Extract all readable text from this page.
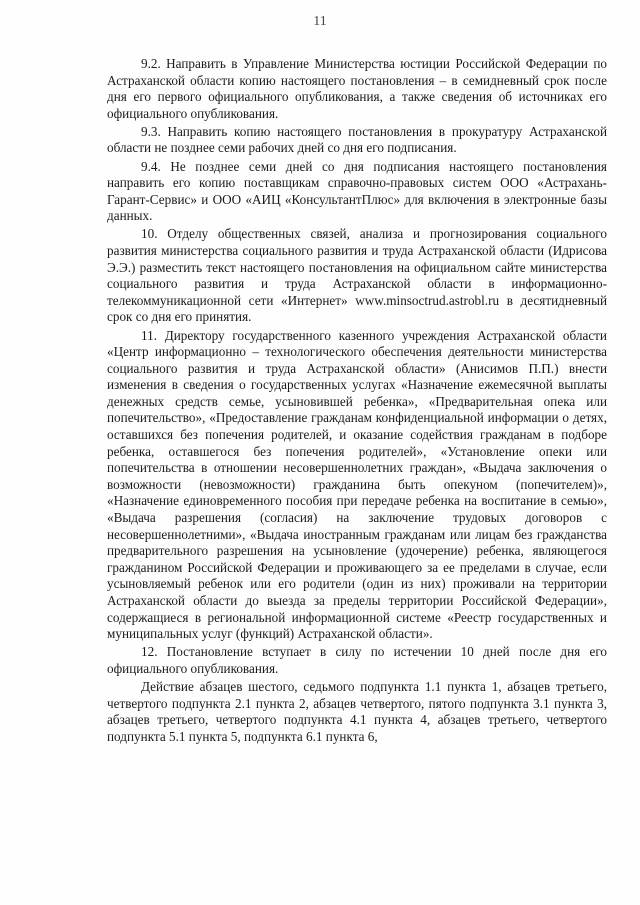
11

9.2. Направить в Управление Министерства юстиции Российской Федерации по Астраханской области копию настоящего постановления – в семидневный срок после дня его первого официального опубликования, а также сведения об источниках его официального опубликования.

9.3. Направить копию настоящего постановления в прокуратуру Астраханской области не позднее семи рабочих дней со дня его подписания.

9.4. Не позднее семи дней со дня подписания настоящего постановления направить его копию поставщикам справочно-правовых систем ООО «Астрахань-Гарант-Сервис» и ООО «АИЦ «КонсультантПлюс» для включения в электронные базы данных.

10. Отделу общественных связей, анализа и прогнозирования социального развития министерства социального развития и труда Астраханской области (Идрисова Э.Э.) разместить текст настоящего постановления на официальном сайте министерства социального развития и труда Астраханской области в информационно-телекоммуникационной сети «Интернет» www.minsoctrud.astrobl.ru в десятидневный срок со дня его принятия.

11. Директору государственного казенного учреждения Астраханской области «Центр информационно – технологического обеспечения деятельности министерства социального развития и труда Астраханской области» (Анисимов П.П.) внести изменения в сведения о государственных услугах «Назначение ежемесячной выплаты денежных средств семье, усыновившей ребенка», «Предварительная опека или попечительство», «Предоставление гражданам конфиденциальной информации о детях, оставшихся без попечения родителей, и оказание содействия гражданам в подборе ребенка, оставшегося без попечения родителей», «Установление опеки или попечительства в отношении несовершеннолетних граждан», «Выдача заключения о возможности (невозможности) гражданина быть опекуном (попечителем)», «Назначение единовременного пособия при передаче ребенка на воспитание в семью», «Выдача разрешения (согласия) на заключение трудовых договоров с несовершеннолетними», «Выдача иностранным гражданам или лицам без гражданства предварительного разрешения на усыновление (удочерение) ребенка, являющегося гражданином Российской Федерации и проживающего за ее пределами в случае, если усыновляемый ребенок или его родители (один из них) проживали на территории Астраханской области до выезда за пределы территории Российской Федерации», содержащиеся в региональной информационной системе «Реестр государственных и муниципальных услуг (функций) Астраханской области».

12. Постановление вступает в силу по истечении 10 дней после дня его официального опубликования.

Действие абзацев шестого, седьмого подпункта 1.1 пункта 1, абзацев третьего, четвертого подпункта 2.1 пункта 2, абзацев четвертого, пятого подпункта 3.1 пункта 3, абзацев третьего, четвертого подпункта 4.1 пункта 4, абзацев третьего, четвертого подпункта 5.1 пункта 5, подпункта 6.1 пункта 6,
